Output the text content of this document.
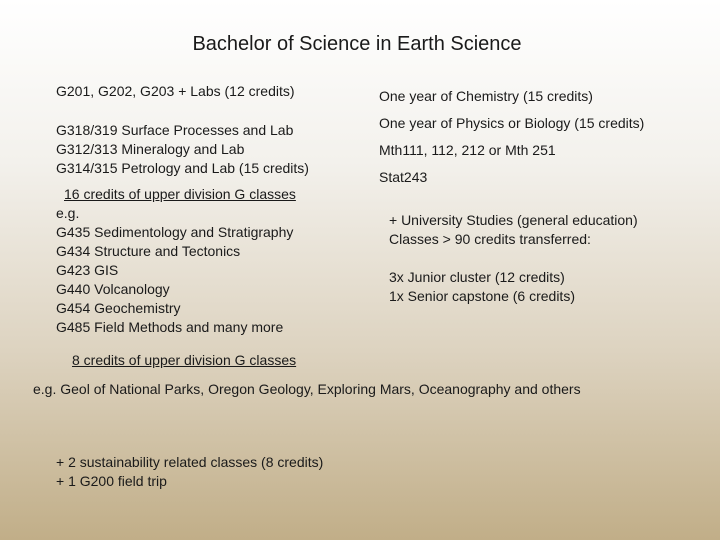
Bachelor of Science in Earth Science
G201, G202, G203 + Labs (12 credits)
G318/319 Surface Processes and Lab
G312/313 Mineralogy and Lab
G314/315 Petrology and Lab (15 credits)
16 credits of upper division G classes
e.g.
G435 Sedimentology and Stratigraphy
G434 Structure and Tectonics
G423 GIS
G440 Volcanology
G454 Geochemistry
G485 Field Methods and many more
One year of Chemistry (15 credits)
One year of Physics or Biology (15 credits)
Mth111, 112, 212 or Mth 251
Stat243
+ University Studies (general education)
Classes > 90 credits transferred:
3x Junior cluster (12 credits)
1x Senior capstone (6 credits)
8 credits of upper division G classes
e.g. Geol of National Parks, Oregon Geology, Exploring Mars, Oceanography and others
+ 2 sustainability related classes (8 credits)
+ 1 G200 field trip
